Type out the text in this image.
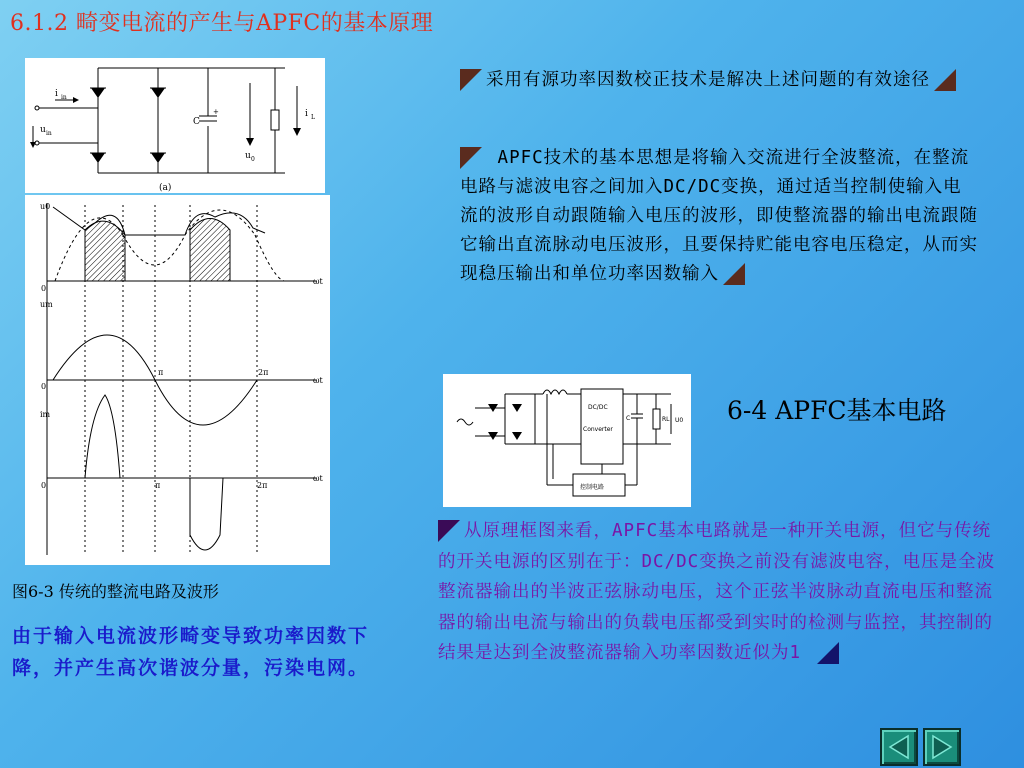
6.1.2 畸变电流的产生与APFC的基本原理
i in
u in
C
+	i L
u 0
(a)
u0
um
im
0
0
0
ωt
ωt
ωt
π	2π
π	2π

图6-3 传统的整流电路及波形

由于输入电流波形畸变导致功率因数下降，并产生高次谐波分量，污染电网。

采用有源功率因数校正技术是解决上述问题的有效途径

APFC技术的基本思想是将输入交流进行全波整流，在整流电路与滤波电容之间加入DC/DC变换，通过适当控制使输入电流的波形自动跟随输入电压的波形，即使整流器的输出电流跟随它输出直流脉动电压波形，且要保持贮能电容电压稳定，从而实现稳压输出和单位功率因数输入

DC/DC
Converter
控制电路
C	RL U0 6-4 APFC基本电路

从原理框图来看，APFC基本电路就是一种开关电源，但它与传统的开关电源的区别在于：DC/DC变换之前没有滤波电容，电压是全波整流器输出的半波正弦脉动电压，这个正弦半波脉动直流电压和整流器的输出电流与输出的负载电压都受到实时的检测与监控，其控制的结果是达到全波整流器输入功率因数近似为1
